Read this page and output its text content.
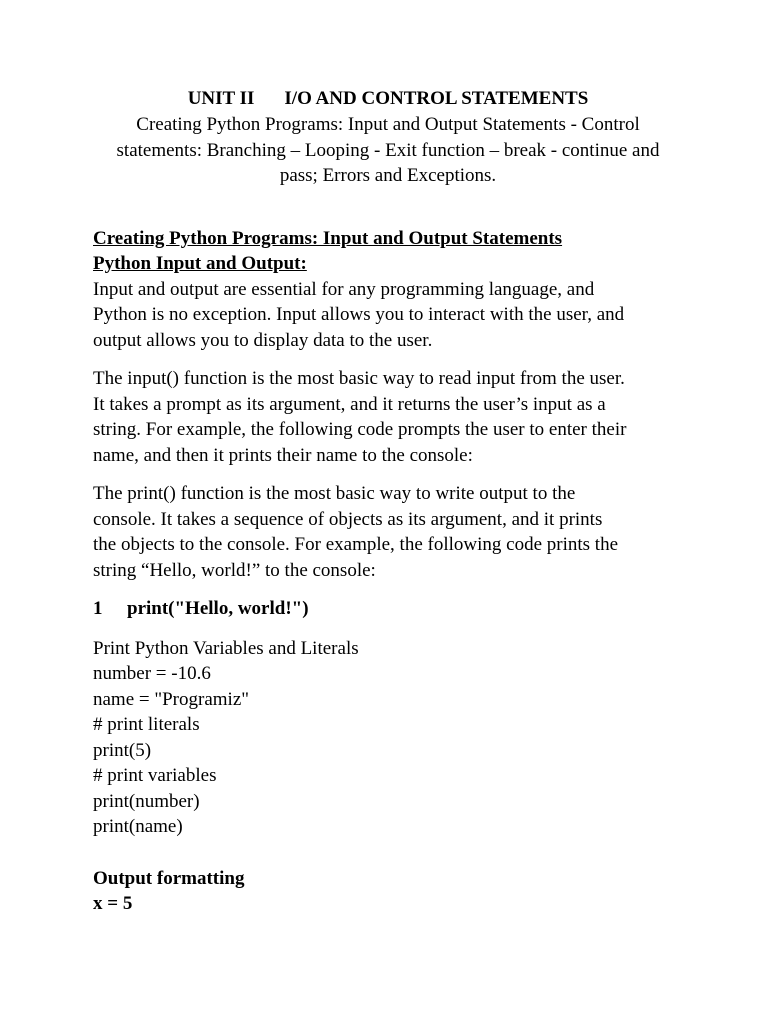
UNIT II I/O AND CONTROL STATEMENTS
Creating Python Programs: Input and Output Statements - Control
statements: Branching – Looping - Exit function – break - continue and
pass; Errors and Exceptions.

Creating Python Programs: Input and Output Statements

Python Input and Output:

Input and output are essential for any programming language, and
Python is no exception. Input allows you to interact with the user, and
output allows you to display data to the user.
The input() function is the most basic way to read input from the user.
It takes a prompt as its argument, and it returns the user’s input as a
string. For example, the following code prompts the user to enter their
name, and then it prints their name to the console:
The print() function is the most basic way to write output to the
console. It takes a sequence of objects as its argument, and it prints
the objects to the console. For example, the following code prints the
string “Hello, world!” to the console:
1 print("Hello, world!")
Print Python Variables and Literals
number = -10.6
name = "Programiz"
# print literals
print(5)
# print variables
print(number)
print(name)
Output formatting
x = 5
